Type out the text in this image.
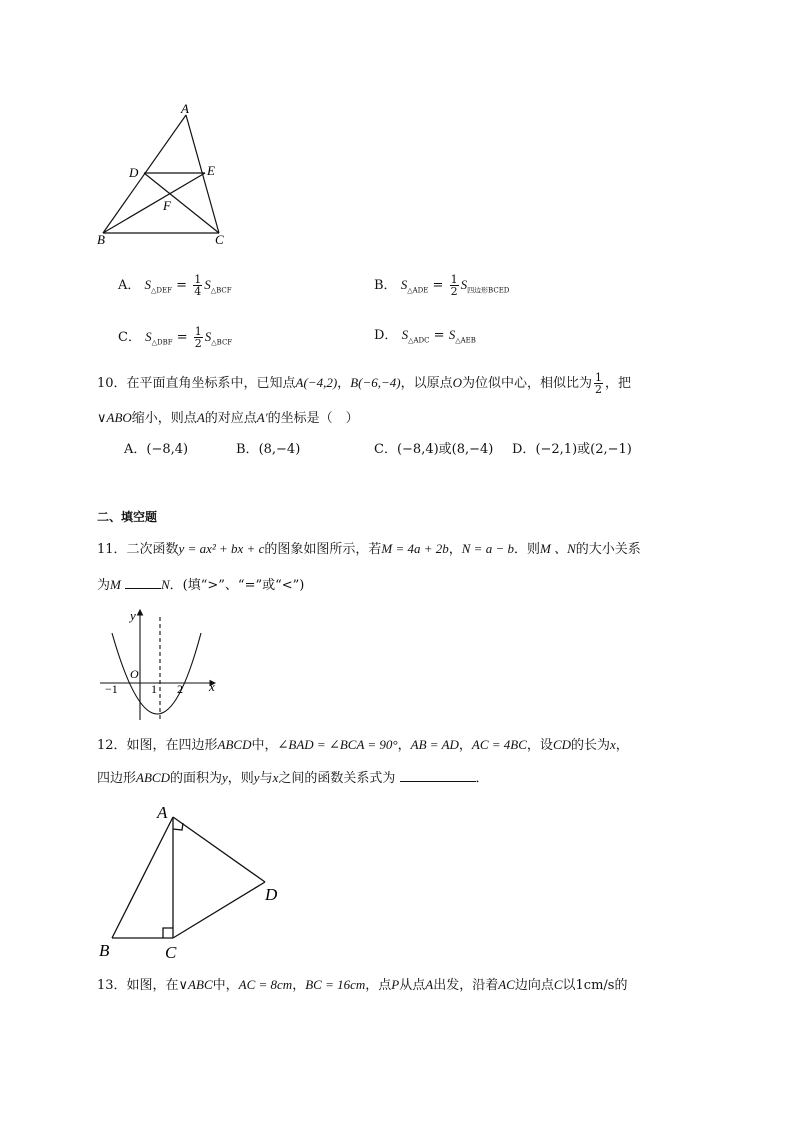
A
D	E
F
B	C
A． $S_{\triangle DEF} = \frac{1}{4} S_{\triangle BCF}$	B． $S_{\triangle ADE} = \frac{1}{2} S_{四边形BCED}$
C． $S_{\triangle DBF} = \frac{1}{2} S_{\triangle BCF}$	D． $S_{\triangle ADC} = S_{\triangle AEB}$
10．在平面直角坐标系中，已知点A(−4,2)，B(−6,−4)，以原点O为位似中心，相似比为 $\frac{1}{2}$ ，把
∨ABO缩小，则点A的对应点A′的坐标是（　）
A．(−8,4)	B．(8,−4)	C．(−8,4)或(8,−4) D．(−2,1)或(2,−1)
二、填空题
11．二次函数y = ax² + bx + c的图象如图所示，若M = 4a + 2b，N = a − b．则M 、N的大小关系
为M	N．(填“>”、“=”或“<”)
y
x
O
−1	1 2
12．如图，在四边形ABCD中，∠BAD = ∠BCA = 90°，AB = AD，AC = 4BC，设CD的长为x，
四边形ABCD的面积为y，则y与x之间的函数关系式为	．
A
B	C
D
13．如图，在∨ABC中，AC = 8cm，BC = 16cm，点P从点A出发，沿着AC边向点C以1cm/s的
